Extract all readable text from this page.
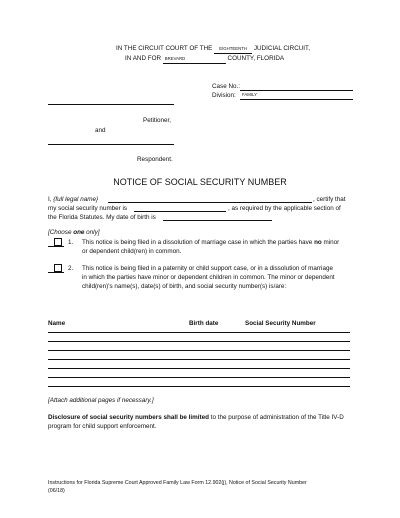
IN THE CIRCUIT COURT OF THE EIGHTEENTH JUDICIAL CIRCUIT,
IN AND FOR BREVARD	COUNTY, FLORIDA
Case No.:
Division: FAMILY
Petitioner,
and
Respondent.
NOTICE OF SOCIAL SECURITY NUMBER
I, {full legal name}	, certify that
my social security number is	, as required by the applicable section of
the Florida Statutes. My date of birth is
[Choose one only]
1. This notice is being filed in a dissolution of marriage case in which the parties have no minor
or dependent child(ren) in common.
2. This notice is being filed in a paternity or child support case, or in a dissolution of marriage
in which the parties have minor or dependent children in common. The minor or dependent
child(ren)'s name(s), date(s) of birth, and social security number(s) is/are:
Name	Birth date	Social Security Number
[Attach additional pages if necessary.]
Disclosure of social security numbers shall be limited to the purpose of administration of the Title IV-D
program for child support enforcement.
Instructions for Florida Supreme Court Approved Family Law Form 12.902(j), Notice of Social Security Number
(06/18)
